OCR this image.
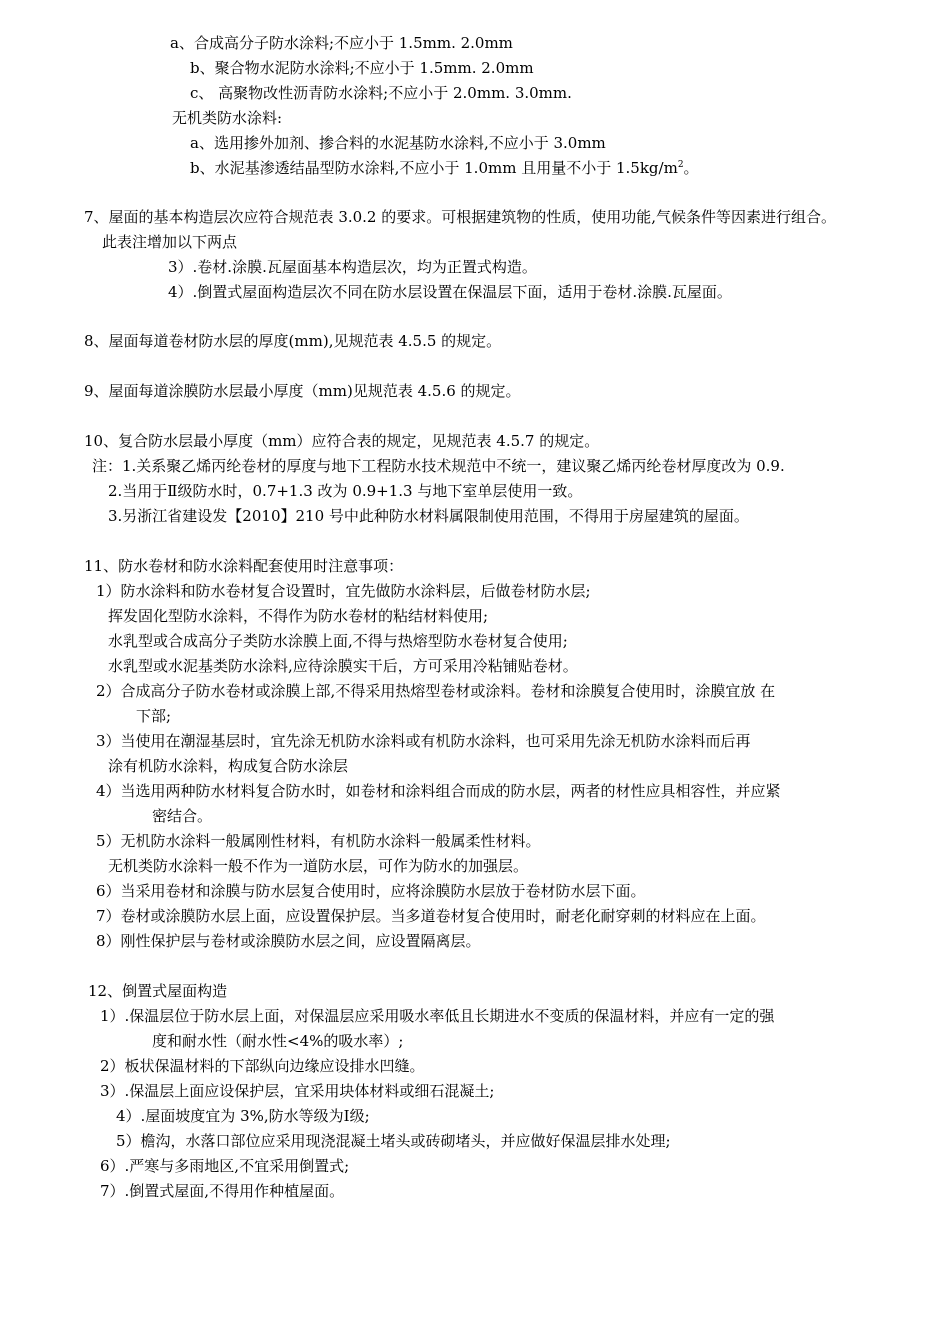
a、合成高分子防水涂料;不应小于 1.5mm. 2.0mm
b、聚合物水泥防水涂料;不应小于 1.5mm. 2.0mm
c、 高聚物改性沥青防水涂料;不应小于 2.0mm. 3.0mm.
无机类防水涂料:
a、选用掺外加剂、掺合料的水泥基防水涂料,不应小于 3.0mm
b、水泥基渗透结晶型防水涂料,不应小于 1.0mm 且用量不小于 $1.5kg/m^2$。
7、屋面的基本构造层次应符合规范表 3.0.2 的要求。可根据建筑物的性质，使用功能,气候条件等因素进行组合。
此表注增加以下两点
3）.卷材.涂膜.瓦屋面基本构造层次，均为正置式构造。
4）.倒置式屋面构造层次不同在防水层设置在保温层下面，适用于卷材.涂膜.瓦屋面。
8、屋面每道卷材防水层的厚度(mm),见规范表 4.5.5 的规定。
9、屋面每道涂膜防水层最小厚度（mm)见规范表 4.5.6 的规定。
10、复合防水层最小厚度（mm）应符合表的规定，见规范表 4.5.7 的规定。
注：1.关系聚乙烯丙纶卷材的厚度与地下工程防水技术规范中不统一，建议聚乙烯丙纶卷材厚度改为 0.9.
2.当用于Ⅱ级防水时，0.7+1.3 改为 0.9+1.3 与地下室单层使用一致。
3.另浙江省建设发【2010】210 号中此种防水材料属限制使用范围，不得用于房屋建筑的屋面。
11、防水卷材和防水涂料配套使用时注意事项：
1）防水涂料和防水卷材复合设置时，宜先做防水涂料层，后做卷材防水层;
挥发固化型防水涂料，不得作为防水卷材的粘结材料使用;
水乳型或合成高分子类防水涂膜上面,不得与热熔型防水卷材复合使用;
水乳型或水泥基类防水涂料,应待涂膜实干后，方可采用冷粘铺贴卷材。
2）合成高分子防水卷材或涂膜上部,不得采用热熔型卷材或涂料。卷材和涂膜复合使用时，涂膜宜放 在
下部;
3）当使用在潮湿基层时，宜先涂无机防水涂料或有机防水涂料，也可采用先涂无机防水涂料而后再
涂有机防水涂料，构成复合防水涂层
4）当选用两种防水材料复合防水时，如卷材和涂料组合而成的防水层，两者的材性应具相容性，并应紧
密结合。
5）无机防水涂料一般属刚性材料，有机防水涂料一般属柔性材料。
无机类防水涂料一般不作为一道防水层，可作为防水的加强层。
6）当采用卷材和涂膜与防水层复合使用时，应将涂膜防水层放于卷材防水层下面。
7）卷材或涂膜防水层上面，应设置保护层。当多道卷材复合使用时，耐老化耐穿刺的材料应在上面。
8）刚性保护层与卷材或涂膜防水层之间，应设置隔离层。
12、倒置式屋面构造
1）.保温层位于防水层上面，对保温层应采用吸水率低且长期进水不变质的保温材料，并应有一定的强
度和耐水性（耐水性<4%的吸水率）;
2）板状保温材料的下部纵向边缘应设排水凹缝。
3）.保温层上面应设保护层，宜采用块体材料或细石混凝土;
4）.屋面坡度宜为 3%,防水等级为Ⅰ级;
5）檐沟，水落口部位应采用现浇混凝土堵头或砖砌堵头，并应做好保温层排水处理;
6）.严寒与多雨地区,不宜采用倒置式;
7）.倒置式屋面,不得用作种植屋面。
